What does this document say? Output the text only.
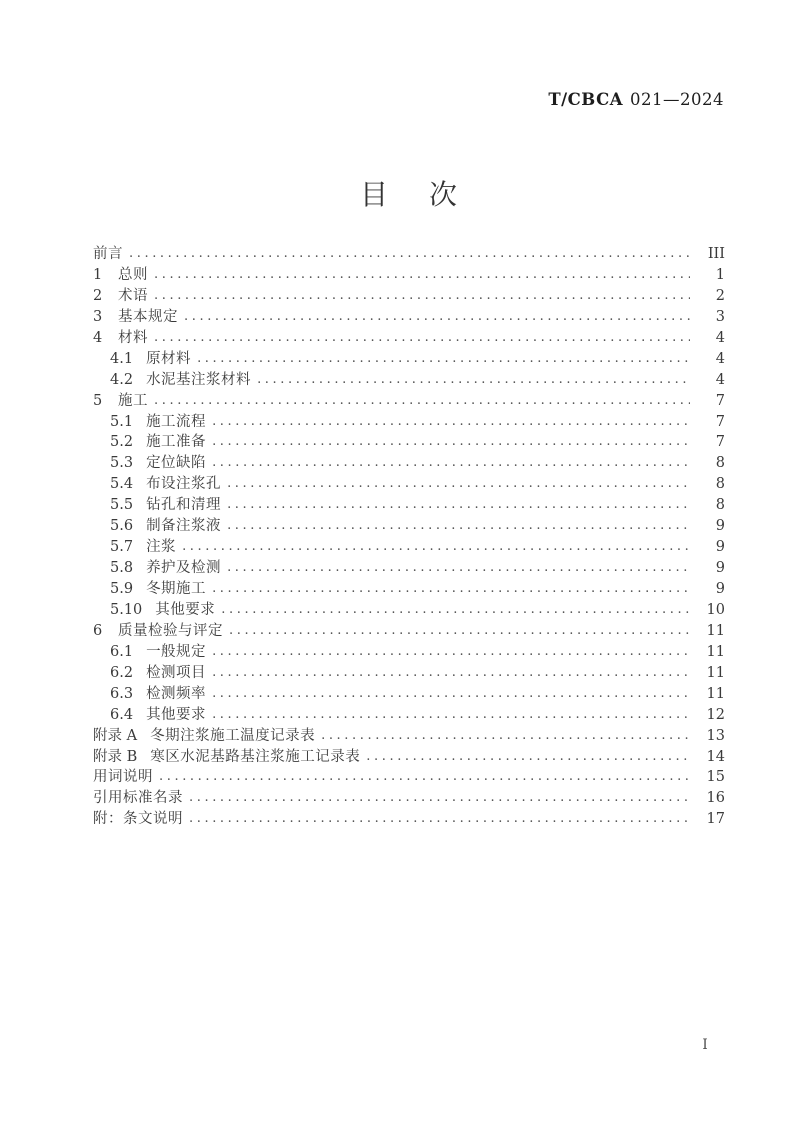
T/CBCA 021—2024
目 次
前言 .....	III
1 总则 .....	1
2 术语 .....	2
3 基本规定 .....	3
4 材料 .....	4
4.1 原材料 .....	4
4.2 水泥基注浆材料 .....	4
5 施工 .....	7
5.1 施工流程 .....	7
5.2 施工准备 .....	7
5.3 定位缺陷 .....	8
5.4 布设注浆孔 .....	8
5.5 钻孔和清理 .....	8
5.6 制备注浆液 .....	9
5.7 注浆 .....	9
5.8 养护及检测 .....	9
5.9 冬期施工 .....	9
5.10 其他要求 .....	10
6 质量检验与评定 .....	11
6.1 一般规定 .....	11
6.2 检测项目 .....	11
6.3 检测频率 .....	11
6.4 其他要求 .....	12
附录 A 冬期注浆施工温度记录表 .....	13
附录 B 寒区水泥基路基注浆施工记录表 .....	14
用词说明 .....	15
引用标准名录 .....	16
附：条文说明 .....	17
I
